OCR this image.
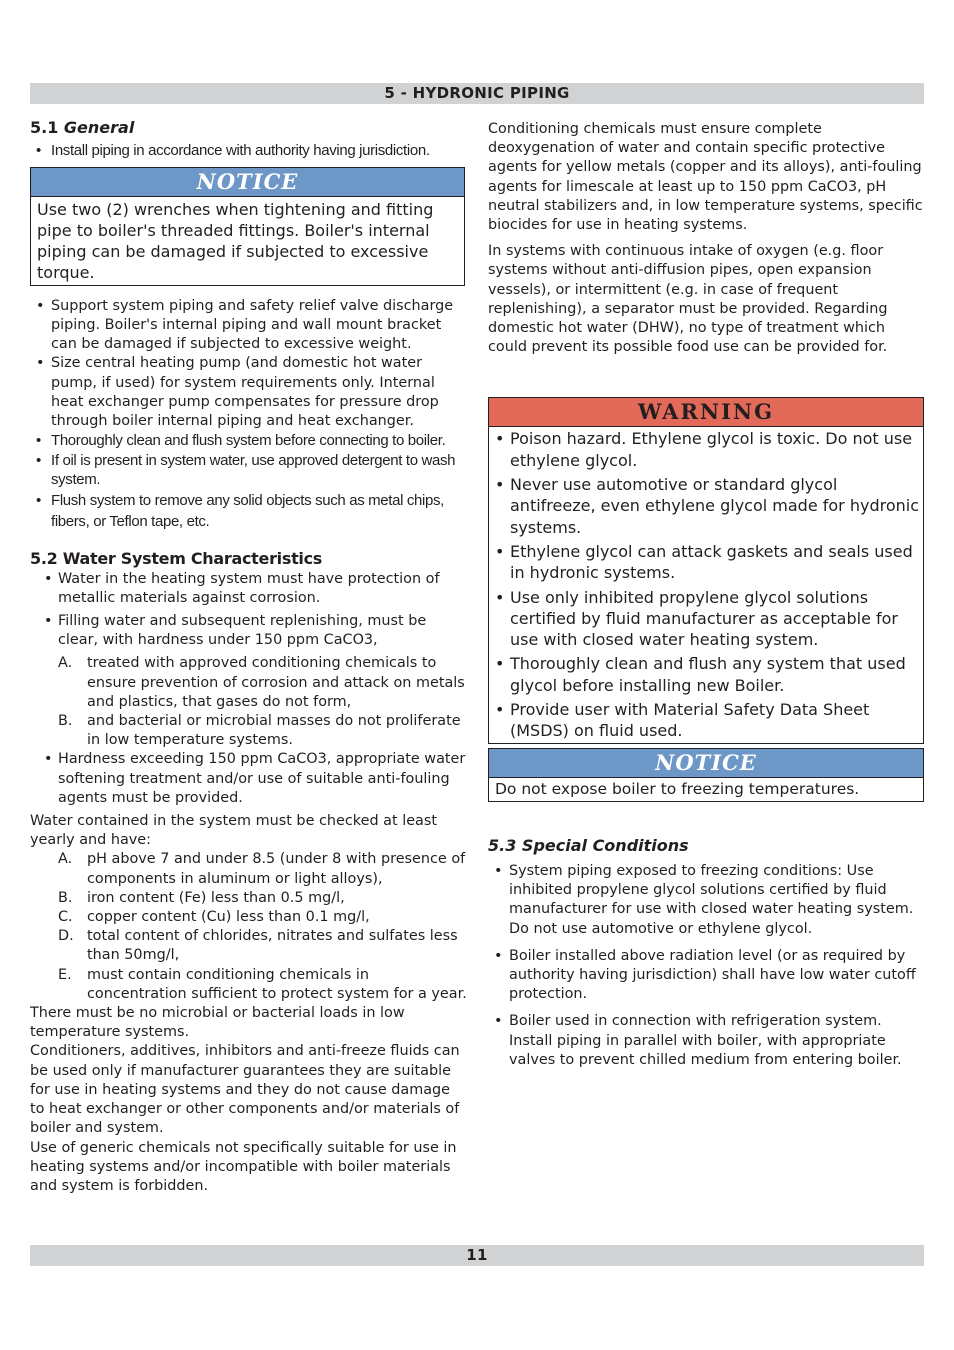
5 - HYDRONIC PIPING

5.1 General

• Install piping in accordance with authority having jurisdiction.
NOTICE
Use two (2) wrenches when tightening and fitting pipe to boiler's threaded fittings. Boiler's internal piping can be damaged if subjected to excessive torque.
• Support system piping and safety relief valve discharge piping. Boiler's internal piping and wall mount bracket can be damaged if subjected to excessive weight.
• Size central heating pump (and domestic hot water pump, if used) for system requirements only. Internal heat exchanger pump compensates for pressure drop through boiler internal piping and heat exchanger.
• Thoroughly clean and flush system before connecting to boiler.
• If oil is present in system water, use approved detergent to wash system.
• Flush system to remove any solid objects such as metal chips, fibers, or Teflon tape, etc.

5.2 Water System Characteristics

• Water in the heating system must have protection of metallic materials against corrosion.
• Filling water and subsequent replenishing, must be clear, with hardness under 150 ppm CaCO3,
A. treated with approved conditioning chemicals to ensure prevention of corrosion and attack on metals and plastics, that gases do not form,
B. and bacterial or microbial masses do not proliferate in low temperature systems.
• Hardness exceeding 150 ppm CaCO3, appropriate water softening treatment and/or use of suitable anti-fouling agents must be provided.

Water contained in the system must be checked at least yearly and have:

A. pH above 7 and under 8.5 (under 8 with presence of components in aluminum or light alloys),
B. iron content (Fe) less than 0.5 mg/l,
C. copper content (Cu) less than 0.1 mg/l,
D. total content of chlorides, nitrates and sulfates less than 50mg/l,
E. must contain conditioning chemicals in concentration sufficient to protect system for a year.

There must be no microbial or bacterial loads in low temperature systems.

Conditioners, additives, inhibitors and anti-freeze fluids can be used only if manufacturer guarantees they are suitable for use in heating systems and they do not cause damage to heat exchanger or other components and/or materials of boiler and system.

Use of generic chemicals not specifically suitable for use in heating systems and/or incompatible with boiler materials and system is forbidden.

Conditioning chemicals must ensure complete deoxygenation of water and contain specific protective agents for yellow metals (copper and its alloys), anti-fouling agents for limescale at least up to 150 ppm CaCO3, pH neutral stabilizers and, in low temperature systems, specific biocides for use in heating systems.

In systems with continuous intake of oxygen (e.g. floor systems without anti-diffusion pipes, open expansion vessels), or intermittent (e.g. in case of frequent replenishing), a separator must be provided. Regarding domestic hot water (DHW), no type of treatment which could prevent its possible food use can be provided for.

WARNING
• Poison hazard. Ethylene glycol is toxic. Do not use ethylene glycol.
• Never use automotive or standard glycol antifreeze, even ethylene glycol made for hydronic systems.
• Ethylene glycol can attack gaskets and seals used in hydronic systems.
• Use only inhibited propylene glycol solutions certified by fluid manufacturer as acceptable for use with closed water heating system.
• Thoroughly clean and flush any system that used glycol before installing new Boiler.
• Provide user with Material Safety Data Sheet (MSDS) on fluid used.
NOTICE
Do not expose boiler to freezing temperatures.

5.3 Special Conditions

• System piping exposed to freezing conditions: Use inhibited propylene glycol solutions certified by fluid manufacturer for use with closed water heating system. Do not use automotive or ethylene glycol.
• Boiler installed above radiation level (or as required by authority having jurisdiction) shall have low water cutoff protection.
• Boiler used in connection with refrigeration system. Install piping in parallel with boiler, with appropriate valves to prevent chilled medium from entering boiler.
11
